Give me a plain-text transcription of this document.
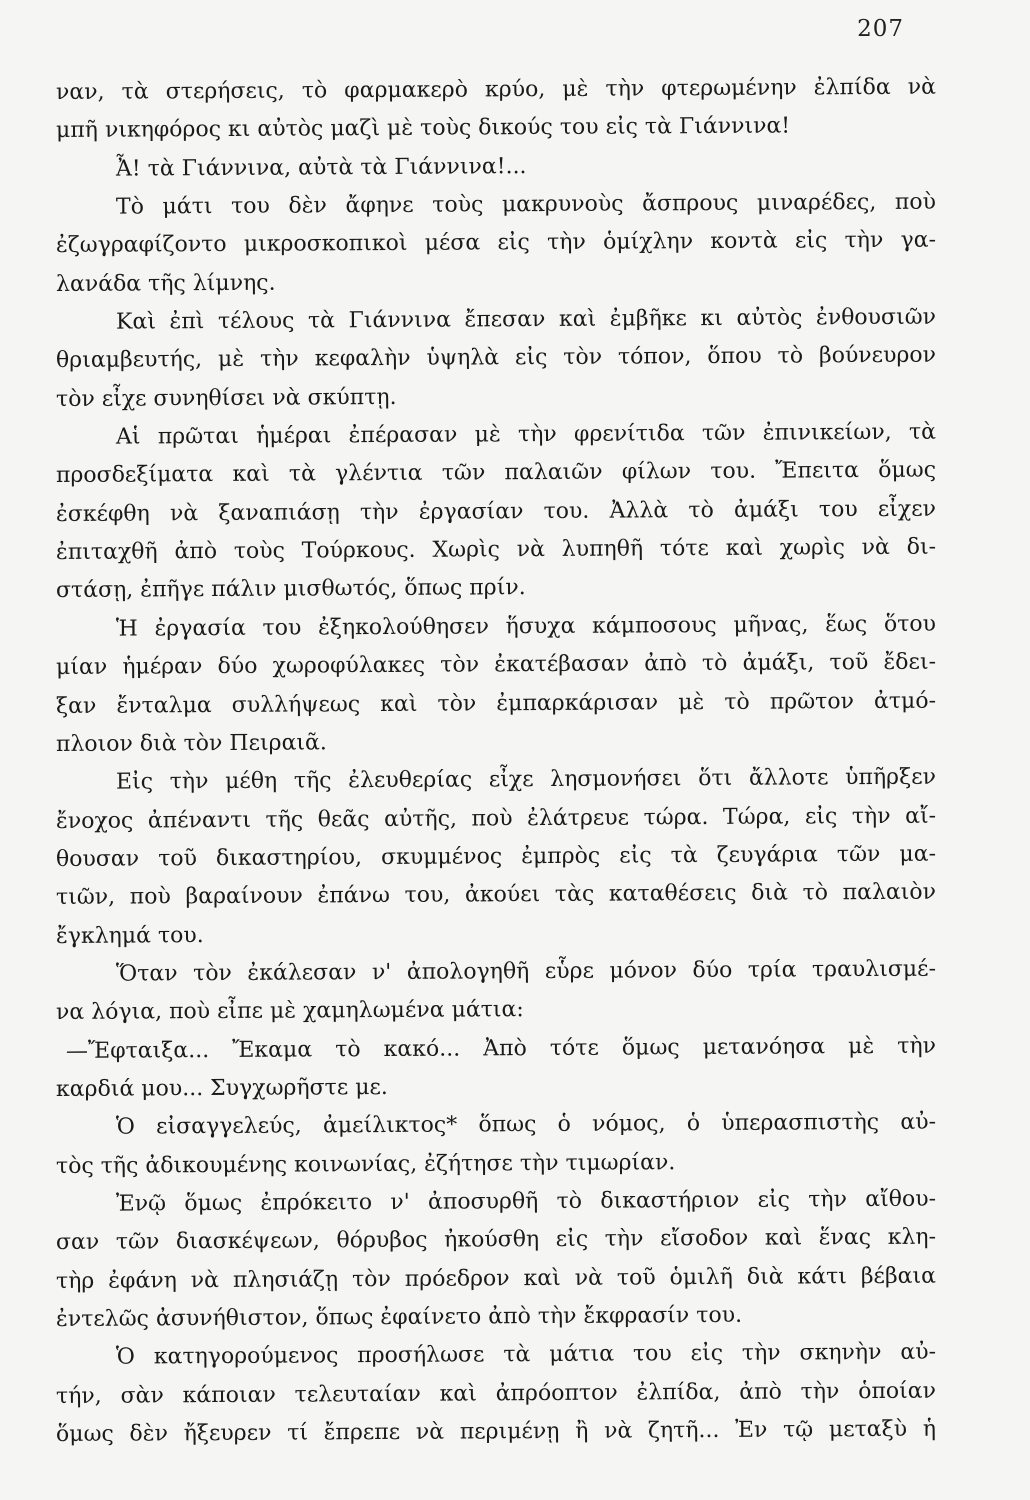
207
ναν, τὰ στερήσεις, τὸ φαρμακερὸ κρύο, μὲ τὴν φτερωμένην ἐλπίδα νὰ
μπῆ νικηφόρος κι αὐτὸς μαζὶ μὲ τοὺς δικούς του εἰς τὰ Γιάννινα!
Ἆ! τὰ Γιάννινα, αὐτὰ τὰ Γιάννινα!...
Τὸ μάτι του δὲν ἄφηνε τοὺς μακρυνοὺς ἄσπρους μιναρέδες, ποὺ
ἐζωγραφίζοντο μικροσκοπικοὶ μέσα εἰς τὴν ὁμίχλην κοντὰ εἰς τὴν γα-
λανάδα τῆς λίμνης.
Καὶ ἐπὶ τέλους τὰ Γιάννινα ἔπεσαν καὶ ἐμβῆκε κι αὐτὸς ἐνθουσιῶν
θριαμβευτής, μὲ τὴν κεφαλὴν ὑψηλὰ εἰς τὸν τόπον, ὅπου τὸ βούνευρον
τὸν εἶχε συνηθίσει νὰ σκύπτῃ.
Αἱ πρῶται ἡμέραι ἐπέρασαν μὲ τὴν φρενίτιδα τῶν ἐπινικείων, τὰ
προσδεξίματα καὶ τὰ γλέντια τῶν παλαιῶν φίλων του. Ἔπειτα ὅμως
ἐσκέφθη νὰ ξαναπιάσῃ τὴν ἐργασίαν του. Ἀλλὰ τὸ ἀμάξι του εἶχεν
ἐπιταχθῆ ἀπὸ τοὺς Τούρκους. Χωρὶς νὰ λυπηθῆ τότε καὶ χωρὶς νὰ δι-
στάσῃ, ἐπῆγε πάλιν μισθωτός, ὅπως πρίν.
Ἡ ἐργασία του ἐξηκολούθησεν ἥσυχα κάμποσους μῆνας, ἕως ὅτου
μίαν ἡμέραν δύο χωροφύλακες τὸν ἐκατέβασαν ἀπὸ τὸ ἀμάξι, τοῦ ἔδει-
ξαν ἔνταλμα συλλήψεως καὶ τὸν ἐμπαρκάρισαν μὲ τὸ πρῶτον ἀτμό-
πλοιον διὰ τὸν Πειραιᾶ.
Εἰς τὴν μέθη τῆς ἐλευθερίας εἶχε λησμονήσει ὅτι ἄλλοτε ὑπῆρξεν
ἔνοχος ἀπέναντι τῆς θεᾶς αὐτῆς, ποὺ ἐλάτρευε τώρα. Τώρα, εἰς τὴν αἴ-
θουσαν τοῦ δικαστηρίου, σκυμμένος ἐμπρὸς εἰς τὰ ζευγάρια τῶν μα-
τιῶν, ποὺ βαραίνουν ἐπάνω του, ἀκούει τὰς καταθέσεις διὰ τὸ παλαιὸν
ἔγκλημά του.
Ὅταν τὸν ἐκάλεσαν ν' ἀπολογηθῆ εὗρε μόνον δύο τρία τραυλισμέ-
να λόγια, ποὺ εἶπε μὲ χαμηλωμένα μάτια:
—Ἔφταιξα... Ἔκαμα τὸ κακό... Ἀπὸ τότε ὅμως μετανόησα μὲ τὴν
καρδιά μου... Συγχωρῆστε με.
Ὁ εἰσαγγελεύς, ἀμείλικτος* ὅπως ὁ νόμος, ὁ ὑπερασπιστὴς αὐ-
τὸς τῆς ἀδικουμένης κοινωνίας, ἐζήτησε τὴν τιμωρίαν.
Ἐνῷ ὅμως ἐπρόκειτο ν' ἀποσυρθῆ τὸ δικαστήριον εἰς τὴν αἴθου-
σαν τῶν διασκέψεων, θόρυβος ἠκούσθη εἰς τὴν εἴσοδον καὶ ἕνας κλη-
τὴρ ἐφάνη νὰ πλησιάζῃ τὸν πρόεδρον καὶ νὰ τοῦ ὁμιλῆ διὰ κάτι βέβαια
ἐντελῶς ἀσυνήθιστον, ὅπως ἐφαίνετο ἀπὸ τὴν ἔκφρασίν του.
Ὁ κατηγορούμενος προσήλωσε τὰ μάτια του εἰς τὴν σκηνὴν αὐ-
τήν, σὰν κάποιαν τελευταίαν καὶ ἀπρόοπτον ἐλπίδα, ἀπὸ τὴν ὁποίαν
ὅμως δὲν ἤξευρεν τί ἔπρεπε νὰ περιμένῃ ἢ νὰ ζητῆ... Ἐν τῷ μεταξὺ ἡ
